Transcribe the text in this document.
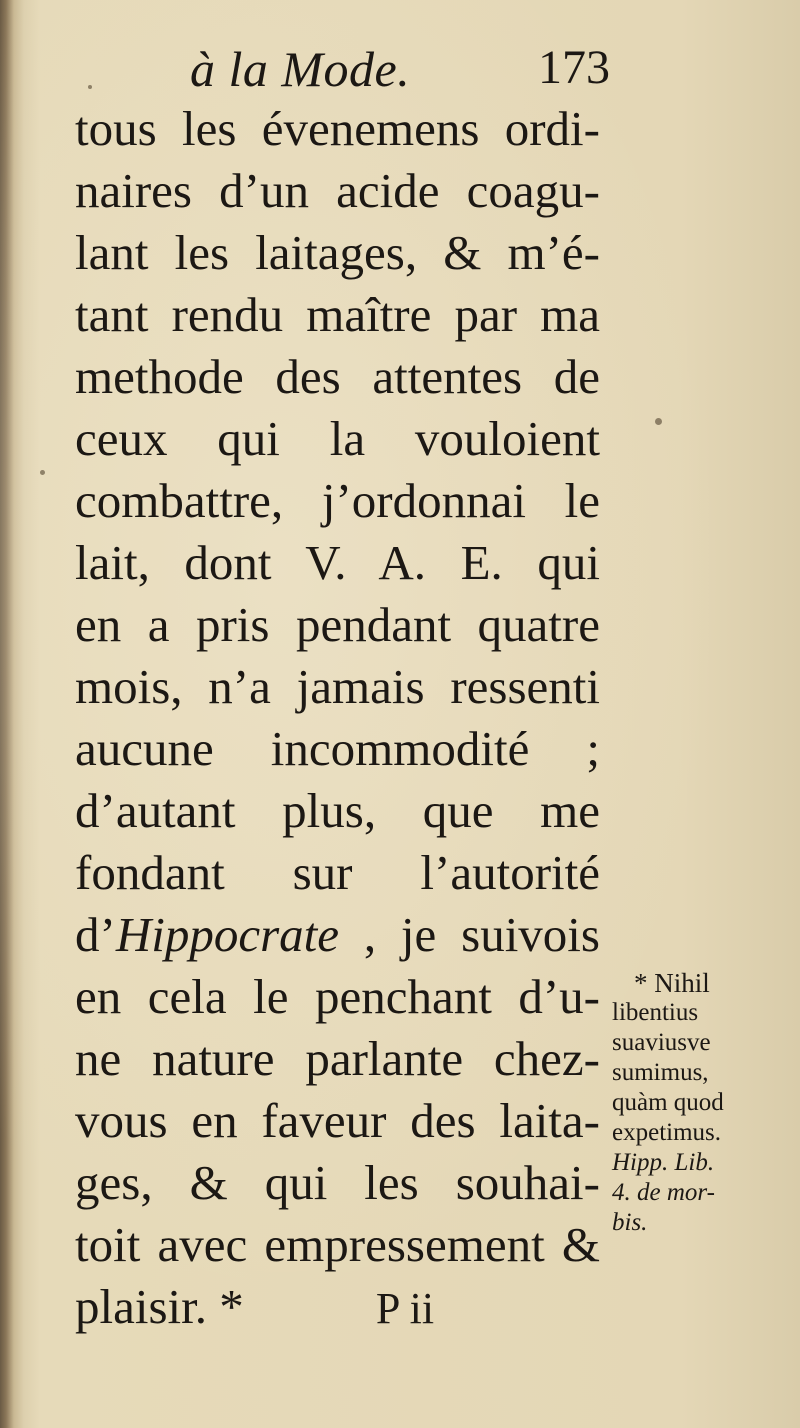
à la Mode.	173
tous les évenemens ordi-
naires d’un acide coagu-
lant les laitages, & m’é-
tant rendu maître par ma
methode des attentes de
ceux qui la vouloient
combattre, j’ordonnai le
lait, dont V. A. E. qui
en a pris pendant quatre
mois, n’a jamais ressenti
aucune incommodité ;
d’autant plus, que me
fondant sur l’autorité
d’Hippocrate , je suivois
en cela le penchant d’u-
ne nature parlante chez-
vous en faveur des laita-
ges, & qui les souhai-
toit avec empressement &
plaisir. *
* Nihil
libentius
suaviusve
sumimus,
quàm quod
expetimus.
Hipp. Lib.
4. de mor-
bis.
P ii
